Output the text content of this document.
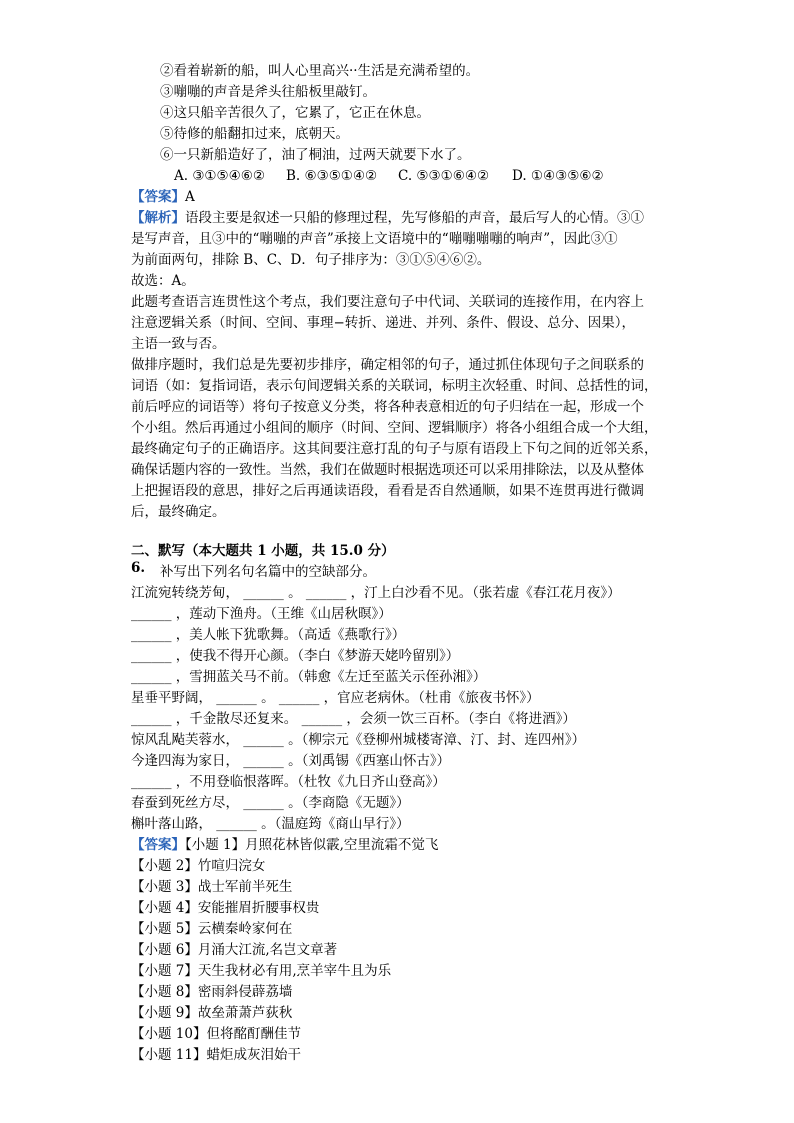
②看着崭新的船，叫人心里高兴··生活是充满希望的。
③嘣嘣的声音是斧头往船板里敲钉。
④这只船辛苦很久了，它累了，它正在休息。
⑤待修的船翻扣过来，底朝天。
⑥一只新船造好了，油了桐油，过两天就要下水了。
A. ③①⑤④⑥② B. ⑥③⑤①④② C. ⑤③①⑥④② D. ①④③⑤⑥②
【答案】A
【解析】语段主要是叙述一只船的修理过程，先写修船的声音，最后写人的心情。③①
是写声音，且③中的“嘣嘣的声音”承接上文语境中的“嘣嘣嘣嘣的响声”，因此③①
为前面两句，排除 B、C、D．句子排序为：③①⑤④⑥②。
故选：A。
此题考查语言连贯性这个考点，我们要注意句子中代词、关联词的连接作用，在内容上
注意逻辑关系（时间、空间、事理−转折、递进、并列、条件、假设、总分、因果），
主语一致与否。
做排序题时，我们总是先要初步排序，确定相邻的句子，通过抓住体现句子之间联系的
词语（如：复指词语，表示句间逻辑关系的关联词，标明主次轻重、时间、总括性的词，
前后呼应的词语等）将句子按意义分类，将各种表意相近的句子归结在一起，形成一个
个小组。然后再通过小组间的顺序（时间、空间、逻辑顺序）将各小组组合成一个大组，
最终确定句子的正确语序。这其间要注意打乱的句子与原有语段上下句之间的近邻关系，
确保话题内容的一致性。当然，我们在做题时根据选项还可以采用排除法，以及从整体
上把握语段的意思，排好之后再通读语段，看看是否自然通顺，如果不连贯再进行微调
后，最终确定。
二、默写（本大题共 1 小题，共 15.0 分）
6. 补写出下列名句名篇中的空缺部分。
江流宛转绕芳甸， ______ 。 ______ ，汀上白沙看不见。（张若虚《春江花月夜》）
______ ，莲动下渔舟。（王维《山居秋暝》）
______ ，美人帐下犹歌舞。（高适《燕歌行》）
______ ，使我不得开心颜。（李白《梦游天姥吟留别》）
______ ，雪拥蓝关马不前。（韩愈《左迁至蓝关示侄孙湘》）
星垂平野阔， ______ 。 ______ ，官应老病休。（杜甫《旅夜书怀》）
______ ，千金散尽还复来。 ______ ，会须一饮三百杯。（李白《将进酒》）
惊风乱飐芙蓉水， ______ 。（柳宗元《登柳州城楼寄漳、汀、封、连四州》）
今逢四海为家日， ______ 。（刘禹锡《西塞山怀古》）
______ ，不用登临恨落晖。（杜牧《九日齐山登高》）
春蚕到死丝方尽， ______ 。（李商隐《无题》）
槲叶落山路， ______ 。（温庭筠《商山早行》）
【答案】【小题 1】月照花林皆似霰,空里流霜不觉飞
【小题 2】竹喧归浣女
【小题 3】战士军前半死生
【小题 4】安能摧眉折腰事权贵
【小题 5】云横秦岭家何在
【小题 6】月涌大江流,名岂文章著
【小题 7】天生我材必有用,烹羊宰牛且为乐
【小题 8】密雨斜侵薜荔墙
【小题 9】故垒萧萧芦荻秋
【小题 10】但将酩酊酬佳节
【小题 11】蜡炬成灰泪始干
